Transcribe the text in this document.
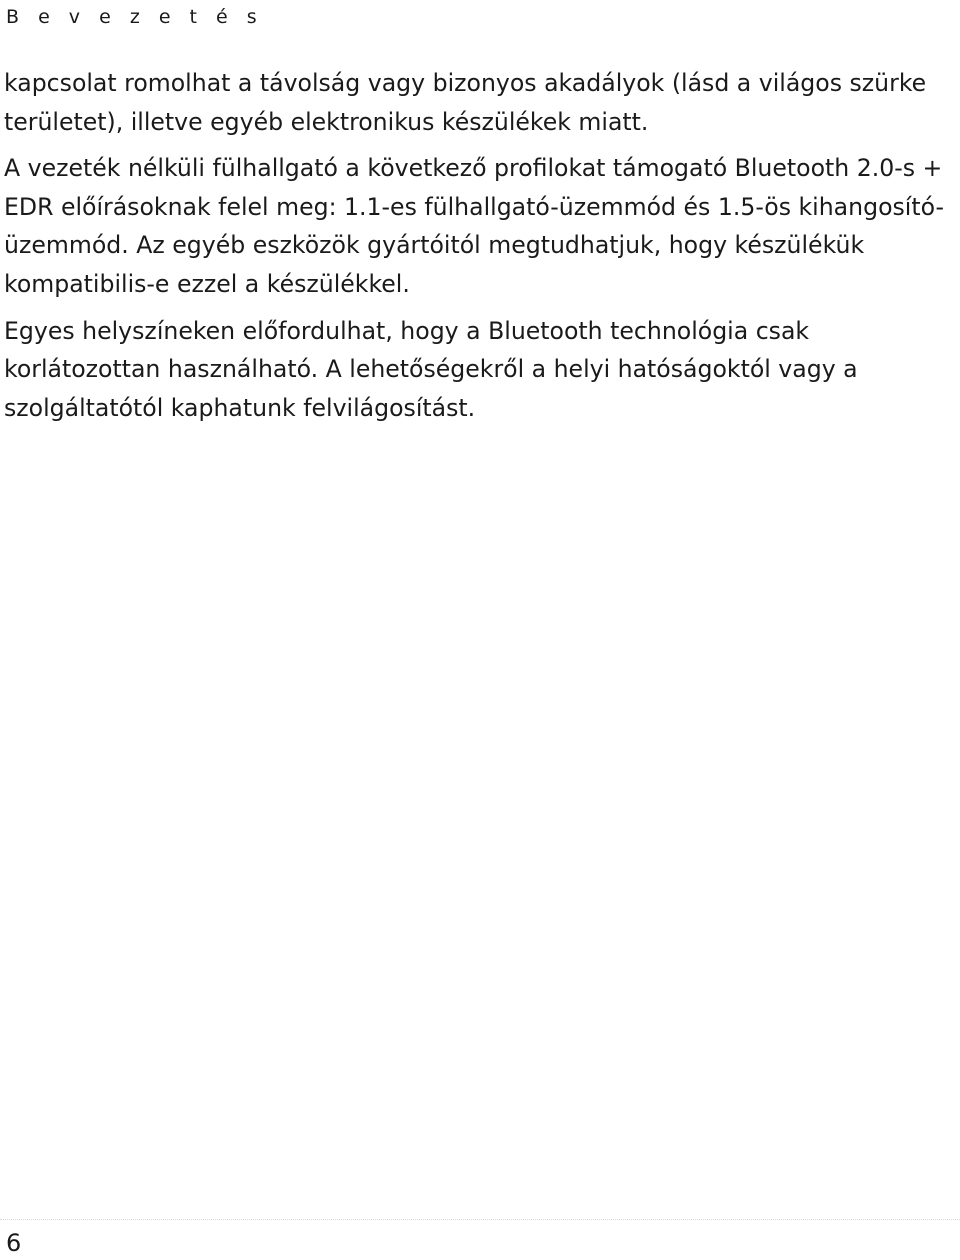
B e v e z e t é s

kapcsolat romolhat a távolság vagy bizonyos akadályok (lásd a világos szürke területet), illetve egyéb elektronikus készülékek miatt.

A vezeték nélküli fülhallgató a következő profilokat támogató Bluetooth 2.0-s + EDR előírásoknak felel meg: 1.1-es fülhallgató-üzemmód és 1.5-ös kihangosító-üzemmód. Az egyéb eszközök gyártóitól megtudhatjuk, hogy készülékük kompatibilis-e ezzel a készülékkel.

Egyes helyszíneken előfordulhat, hogy a Bluetooth technológia csak korlátozottan használható. A lehetőségekről a helyi hatóságoktól vagy a szolgáltatótól kaphatunk felvilágosítást.

6
